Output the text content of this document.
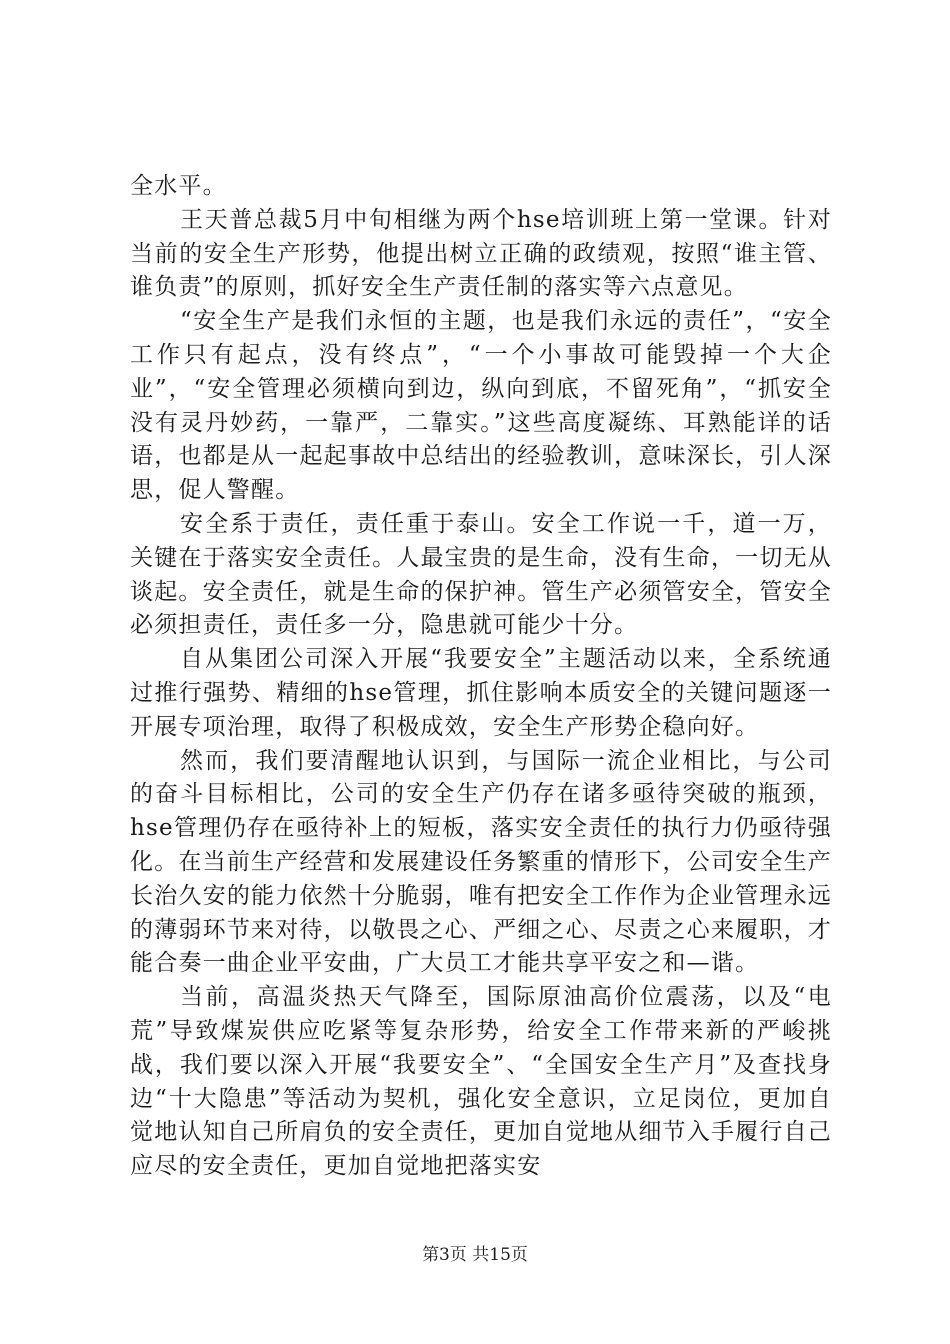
全水平。

王天普总裁5月中旬相继为两个hse培训班上第一堂课。针对当前的安全生产形势，他提出树立正确的政绩观，按照“谁主管、谁负责”的原则，抓好安全生产责任制的落实等六点意见。

“安全生产是我们永恒的主题，也是我们永远的责任”，“安全工作只有起点，没有终点”，“一个小事故可能毁掉一个大企业”，“安全管理必须横向到边，纵向到底，不留死角”，“抓安全没有灵丹妙药，一靠严，二靠实。”这些高度凝练、耳熟能详的话语，也都是从一起起事故中总结出的经验教训，意味深长，引人深思，促人警醒。

安全系于责任，责任重于泰山。安全工作说一千，道一万，关键在于落实安全责任。人最宝贵的是生命，没有生命，一切无从谈起。安全责任，就是生命的保护神。管生产必须管安全，管安全必须担责任，责任多一分，隐患就可能少十分。

自从集团公司深入开展“我要安全”主题活动以来，全系统通过推行强势、精细的hse管理，抓住影响本质安全的关键问题逐一开展专项治理，取得了积极成效，安全生产形势企稳向好。

然而，我们要清醒地认识到，与国际一流企业相比，与公司的奋斗目标相比，公司的安全生产仍存在诸多亟待突破的瓶颈，hse管理仍存在亟待补上的短板，落实安全责任的执行力仍亟待强化。在当前生产经营和发展建设任务繁重的情形下，公司安全生产长治久安的能力依然十分脆弱，唯有把安全工作作为企业管理永远的薄弱环节来对待，以敬畏之心、严细之心、尽责之心来履职，才能合奏一曲企业平安曲，广大员工才能共享平安之和—谐。

当前，高温炎热天气降至，国际原油高价位震荡，以及“电荒”导致煤炭供应吃紧等复杂形势，给安全工作带来新的严峻挑战，我们要以深入开展“我要安全”、“全国安全生产月”及查找身边“十大隐患”等活动为契机，强化安全意识，立足岗位，更加自觉地认知自己所肩负的安全责任，更加自觉地从细节入手履行自己应尽的安全责任，更加自觉地把落实安

第3页 共15页
